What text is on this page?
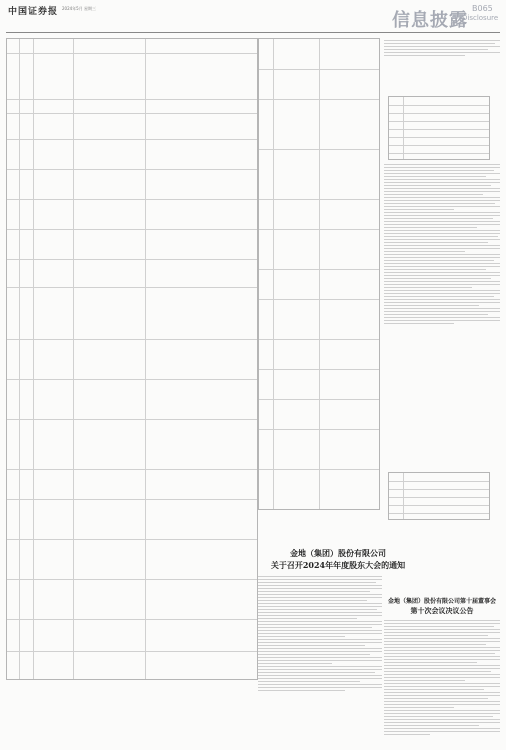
中国证券报 2024年5月 星期三
信息披露
B065
Disclosure
金地（集团）股份有限公司
关于召开2024年年度股东大会的通知
金地（集团）股份有限公司第十届董事会
第十次会议决议公告
